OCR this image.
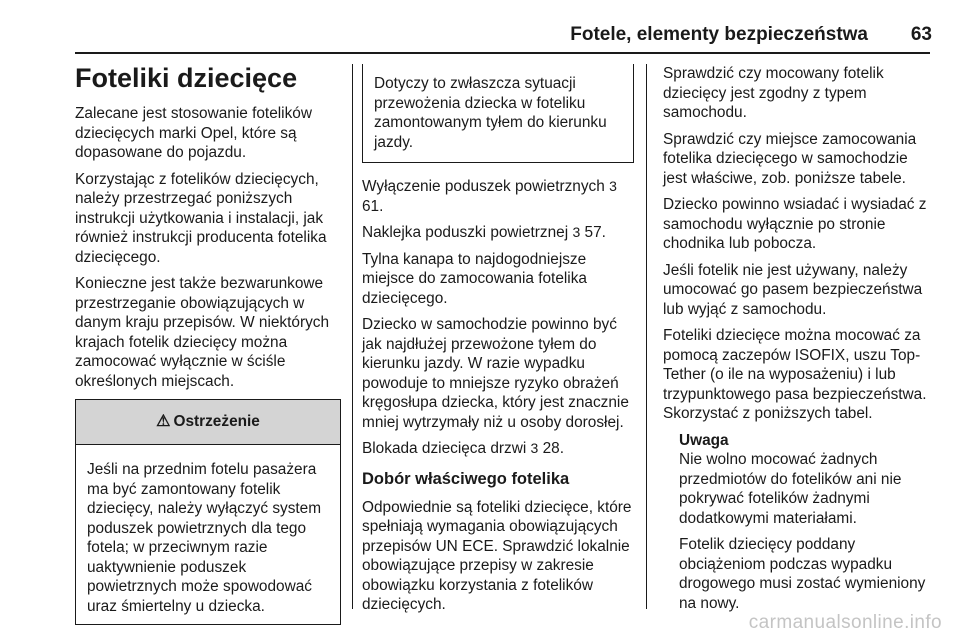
Fotele, elementy bezpieczeństwa 63
Foteliki dziecięce

Zalecane jest stosowanie fotelików dziecięcych marki Opel, które są dopasowane do pojazdu.

Korzystając z fotelików dziecięcych, należy przestrzegać poniższych instrukcji użytkowania i instalacji, jak również instrukcji producenta fotelika dziecięcego.

Konieczne jest także bezwarunkowe przestrzeganie obowiązujących w danym kraju przepisów. W niektórych krajach fotelik dziecięcy można zamocować wyłącznie w ściśle określonych miejscach.

⚠ Ostrzeżenie

Jeśli na przednim fotelu pasażera ma być zamontowany fotelik dziecięcy, należy wyłączyć system poduszek powietrznych dla tego fotela; w przeciwnym razie uaktywnienie poduszek powietrznych może spowodować uraz śmiertelny u dziecka.

Dotyczy to zwłaszcza sytuacji przewożenia dziecka w foteliku zamontowanym tyłem do kierunku jazdy.

Wyłączenie poduszek powietrznych 3 61.

Naklejka poduszki powietrznej 3 57.

Tylna kanapa to najdogodniejsze miejsce do zamocowania fotelika dziecięcego.

Dziecko w samochodzie powinno być jak najdłużej przewożone tyłem do kierunku jazdy. W razie wypadku powoduje to mniejsze ryzyko obrażeń kręgosłupa dziecka, który jest znacznie mniej wytrzymały niż u osoby dorosłej.

Blokada dziecięca drzwi 3 28.

Dobór właściwego fotelika

Odpowiednie są foteliki dziecięce, które spełniają wymagania obowiązujących przepisów UN ECE. Sprawdzić lokalnie obowiązujące przepisy w zakresie obowiązku korzystania z fotelików dziecięcych.

Sprawdzić czy mocowany fotelik dziecięcy jest zgodny z typem samochodu.

Sprawdzić czy miejsce zamocowania fotelika dziecięcego w samochodzie jest właściwe, zob. poniższe tabele.

Dziecko powinno wsiadać i wysiadać z samochodu wyłącznie po stronie chodnika lub pobocza.

Jeśli fotelik nie jest używany, należy umocować go pasem bezpieczeństwa lub wyjąć z samochodu.

Foteliki dziecięce można mocować za pomocą zaczepów ISOFIX, uszu Top-Tether (o ile na wyposażeniu) i lub trzypunktowego pasa bezpieczeństwa. Skorzystać z poniższych tabel.

Uwaga

Nie wolno mocować żadnych przedmiotów do fotelików ani nie pokrywać fotelików żadnymi dodatkowymi materiałami.

Fotelik dziecięcy poddany obciążeniom podczas wypadku drogowego musi zostać wymieniony na nowy.

carmanualsonline.info
